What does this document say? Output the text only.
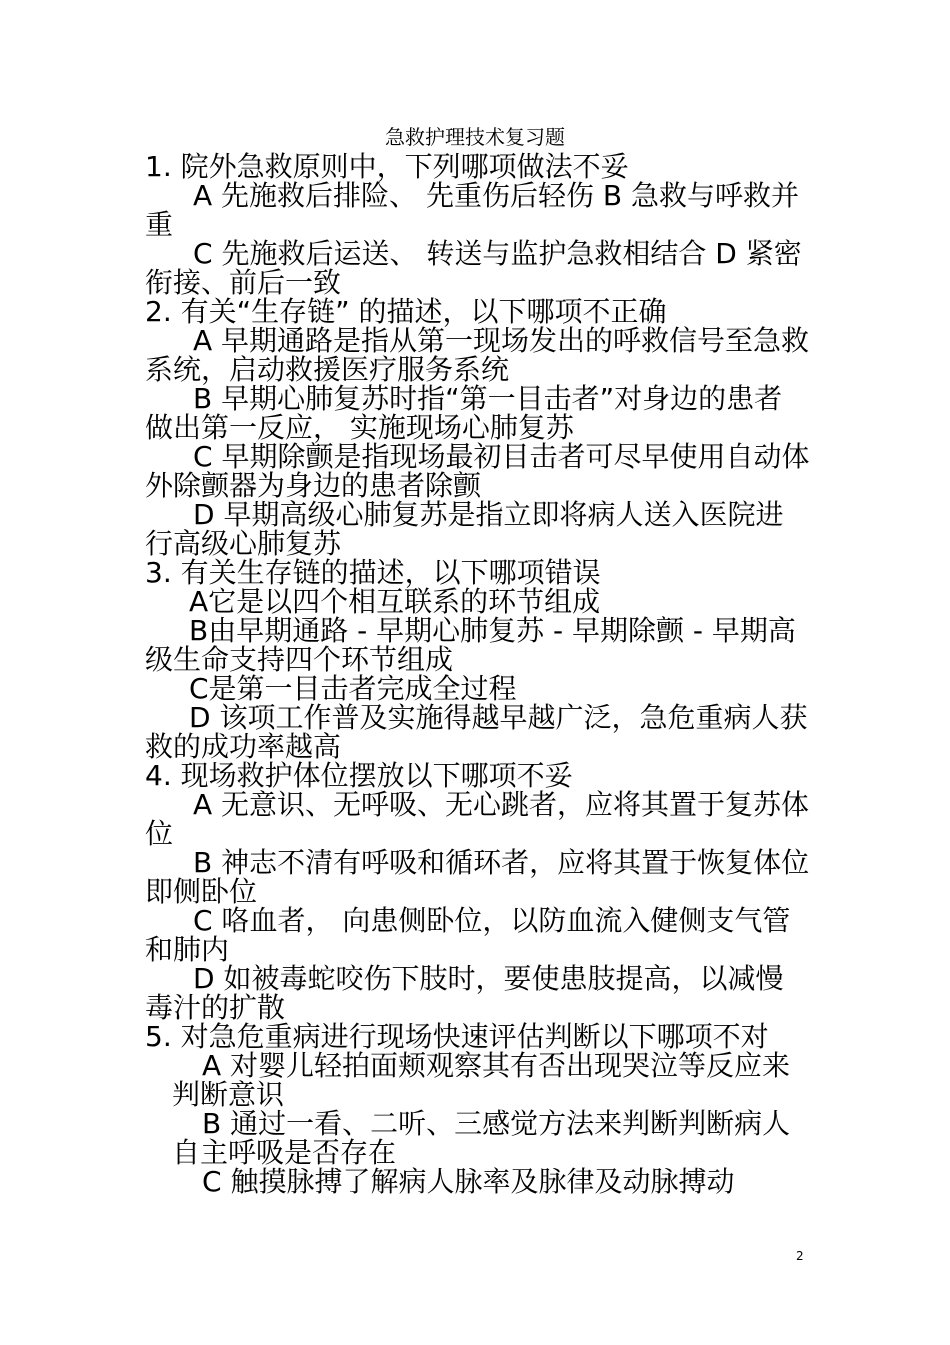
急救护理技术复习题
1. 院外急救原则中，下列哪项做法不妥
A 先施救后排险、 先重伤后轻伤 B 急救与呼救并重
C 先施救后运送、 转送与监护急救相结合 D 紧密衔接、前后一致
2. 有关“生存链” 的描述，以下哪项不正确
A 早期通路是指从第一现场发出的呼救信号至急救系统，启动救援医疗服务系统
B 早期心肺复苏时指“第一目击者”对身边的患者做出第一反应， 实施现场心肺复苏
C 早期除颤是指现场最初目击者可尽早使用自动体外除颤器为身边的患者除颤
D 早期高级心肺复苏是指立即将病人送入医院进行高级心肺复苏
3. 有关生存链的描述，以下哪项错误
A它是以四个相互联系的环节组成
B由早期通路 - 早期心肺复苏 - 早期除颤 - 早期高级生命支持四个环节组成
C是第一目击者完成全过程
D 该项工作普及实施得越早越广泛，急危重病人获救的成功率越高
4. 现场救护体位摆放以下哪项不妥
A 无意识、无呼吸、无心跳者，应将其置于复苏体位
B 神志不清有呼吸和循环者，应将其置于恢复体位即侧卧位
C 咯血者， 向患侧卧位，以防血流入健侧支气管和肺内
D 如被毒蛇咬伤下肢时，要使患肢提高，以减慢毒汁的扩散
5. 对急危重病进行现场快速评估判断以下哪项不对
A 对婴儿轻拍面颊观察其有否出现哭泣等反应来判断意识
B 通过一看、二听、三感觉方法来判断判断病人自主呼吸是否存在
C 触摸脉搏了解病人脉率及脉律及动脉搏动
2
